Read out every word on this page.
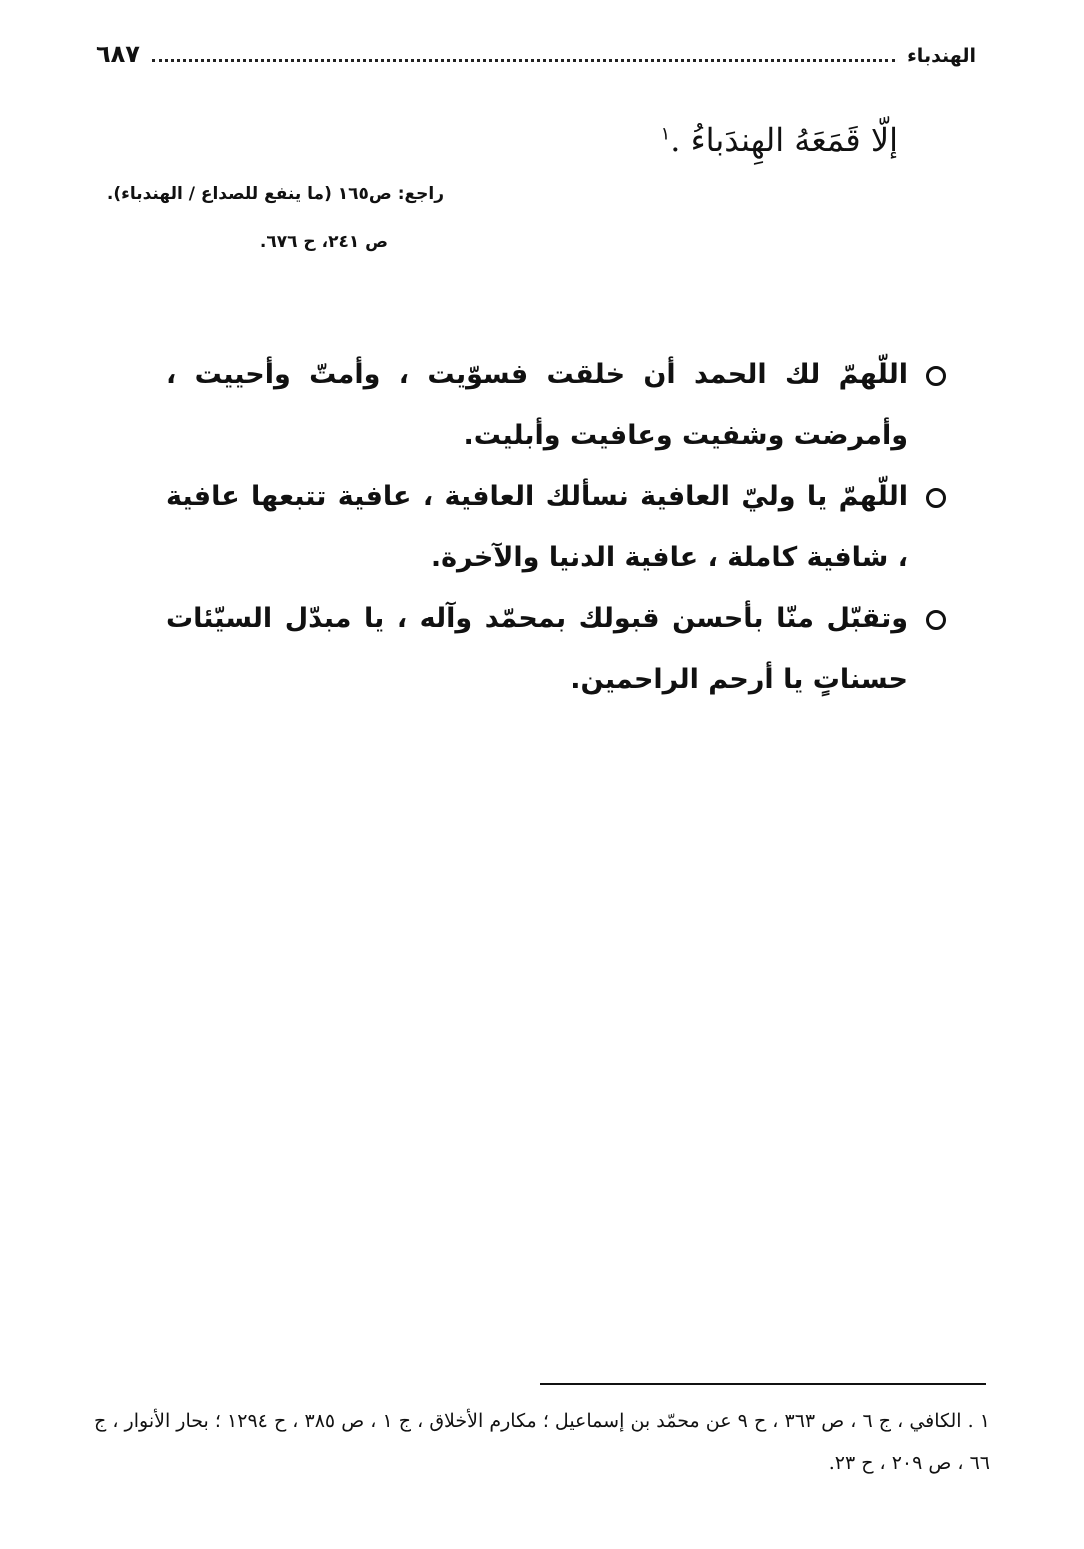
٦٨٧	الهندباء
إلّا قَمَعَهُ الهِندَباءُ .$^١$
راجع: ص١٦٥ (ما ينفع للصداع / الهندباء).
ص ٢٤١، ح ٦٧٦.
اللّهمّ لك الحمد أن خلقت فسوّيت ، وأمتّ وأحييت ، وأمرضت وشفيت وعافيت وأبليت.
اللّهمّ يا وليّ العافية نسألك العافية ، عافية تتبعها عافية ، شافية كاملة ، عافية الدنيا والآخرة.
وتقبّل منّا بأحسن قبولك بمحمّد وآله ، يا مبدّل السيّئات حسناتٍ يا أرحم الراحمين.
١ . الكافي ، ج ٦ ، ص ٣٦٣ ، ح ٩ عن محمّد بن إسماعيل ؛ مكارم الأخلاق ، ج ١ ، ص ٣٨٥ ، ح ١٢٩٤ ؛ بحار الأنوار ، ج ٦٦ ، ص ٢٠٩ ، ح ٢٣.
